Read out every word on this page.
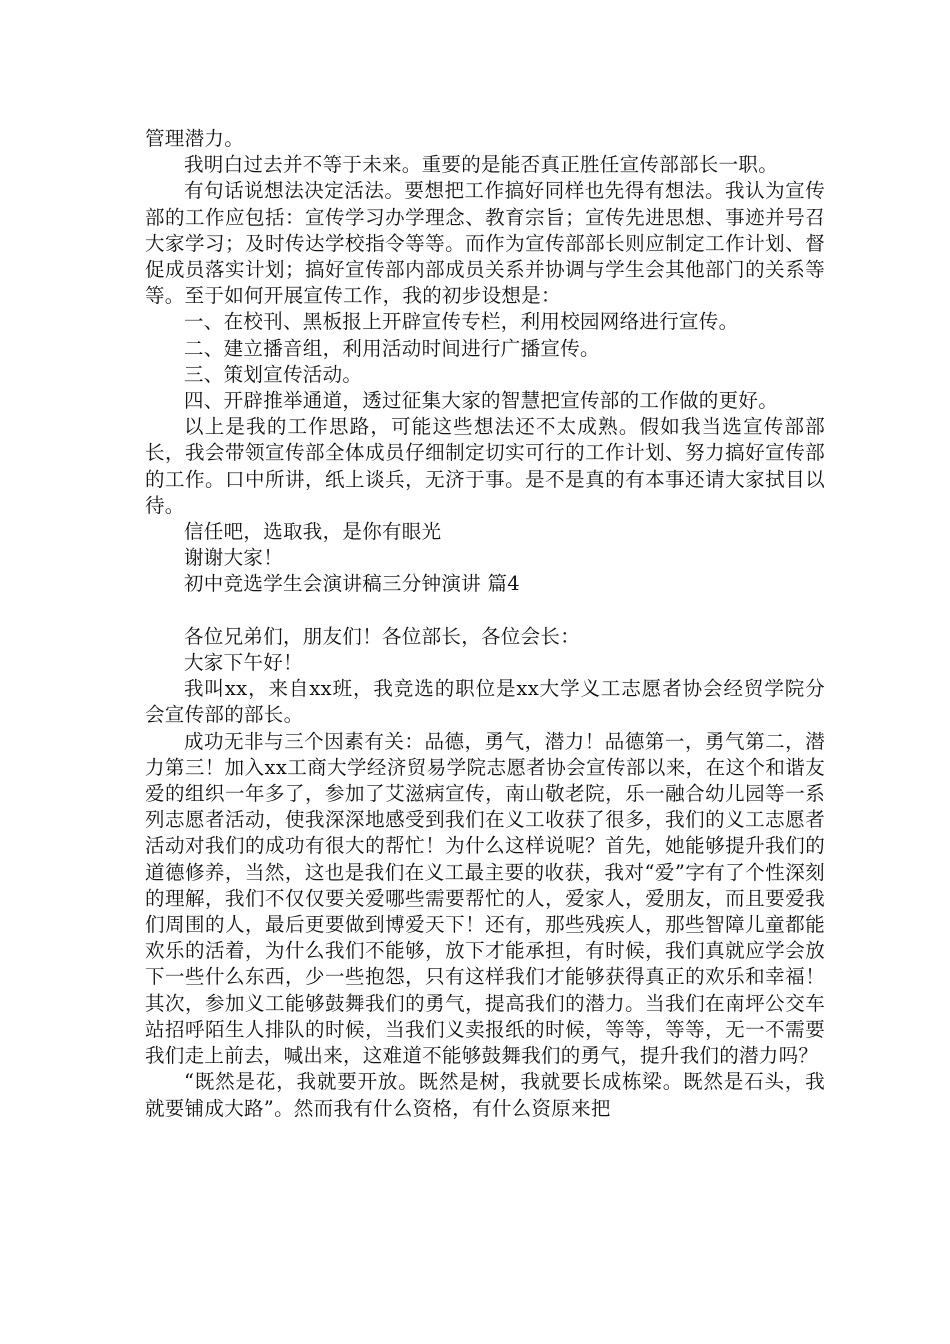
管理潜力。

我明白过去并不等于未来。重要的是能否真正胜任宣传部部长一职。

有句话说想法决定活法。要想把工作搞好同样也先得有想法。我认为宣传部的工作应包括：宣传学习办学理念、教育宗旨；宣传先进思想、事迹并号召大家学习；及时传达学校指令等等。而作为宣传部部长则应制定工作计划、督促成员落实计划；搞好宣传部内部成员关系并协调与学生会其他部门的关系等等。至于如何开展宣传工作，我的初步设想是：

一、在校刊、黑板报上开辟宣传专栏，利用校园网络进行宣传。

二、建立播音组，利用活动时间进行广播宣传。

三、策划宣传活动。

四、开辟推举通道，透过征集大家的智慧把宣传部的工作做的更好。

以上是我的工作思路，可能这些想法还不太成熟。假如我当选宣传部部长，我会带领宣传部全体成员仔细制定切实可行的工作计划、努力搞好宣传部的工作。口中所讲，纸上谈兵，无济于事。是不是真的有本事还请大家拭目以待。

信任吧，选取我，是你有眼光

谢谢大家！

初中竞选学生会演讲稿三分钟演讲 篇4

各位兄弟们，朋友们！各位部长，各位会长：

大家下午好！

我叫xx，来自xx班，我竞选的职位是xx大学义工志愿者协会经贸学院分会宣传部的部长。

成功无非与三个因素有关：品德，勇气，潜力！品德第一，勇气第二，潜力第三！加入xx工商大学经济贸易学院志愿者协会宣传部以来，在这个和谐友爱的组织一年多了，参加了艾滋病宣传，南山敬老院，乐一融合幼儿园等一系列志愿者活动，使我深深地感受到我们在义工收获了很多，我们的义工志愿者活动对我们的成功有很大的帮忙！为什么这样说呢？首先，她能够提升我们的道德修养，当然，这也是我们在义工最主要的收获，我对“爱”字有了个性深刻的理解，我们不仅仅要关爱哪些需要帮忙的人，爱家人，爱朋友，而且要爱我们周围的人，最后更要做到博爱天下！还有，那些残疾人，那些智障儿童都能欢乐的活着，为什么我们不能够，放下才能承担，有时候，我们真就应学会放下一些什么东西，少一些抱怨，只有这样我们才能够获得真正的欢乐和幸福！其次，参加义工能够鼓舞我们的勇气，提高我们的潜力。当我们在南坪公交车站招呼陌生人排队的时候，当我们义卖报纸的时候，等等，等等，无一不需要我们走上前去，喊出来，这难道不能够鼓舞我们的勇气，提升我们的潜力吗？

“既然是花，我就要开放。既然是树，我就要长成栋梁。既然是石头，我就要铺成大路”。然而我有什么资格，有什么资原来把
